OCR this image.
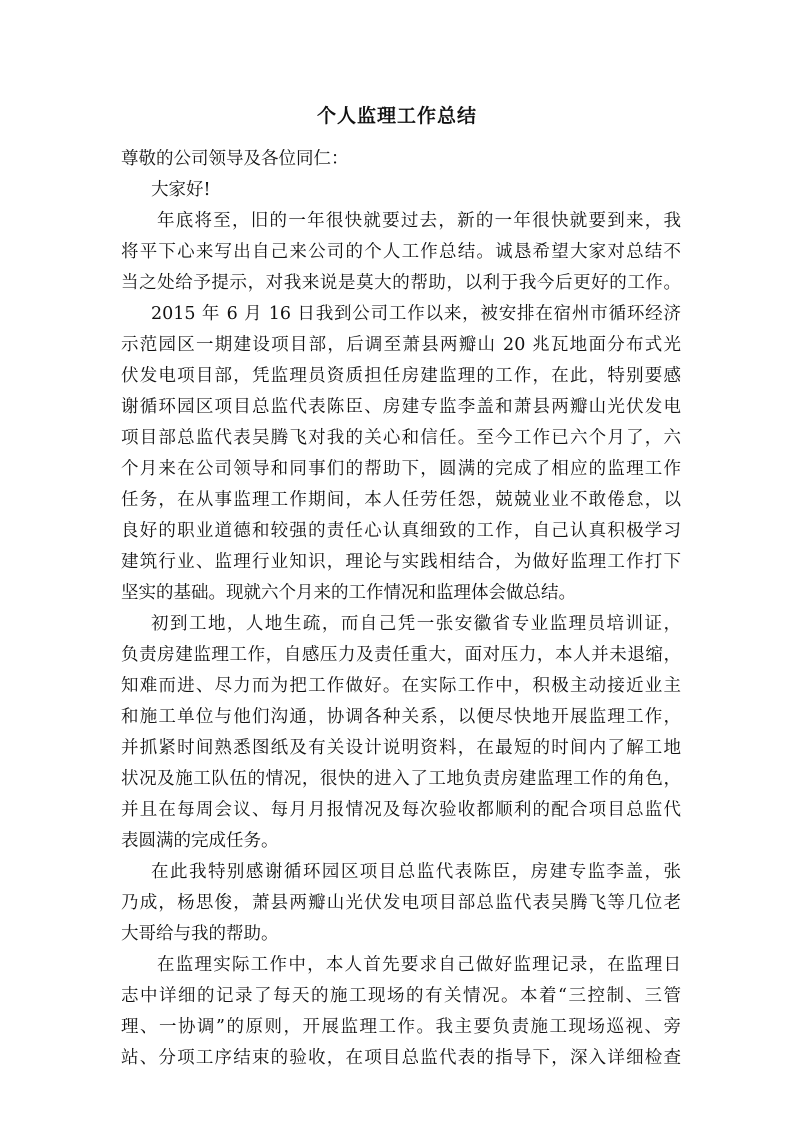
个人监理工作总结
尊敬的公司领导及各位同仁：
大家好!
年底将至，旧的一年很快就要过去，新的一年很快就要到来，我
将平下心来写出自己来公司的个人工作总结。诚恳希望大家对总结不
当之处给予提示，对我来说是莫大的帮助，以利于我今后更好的工作。
2015 年 6 月 16 日我到公司工作以来，被安排在宿州市循环经济
示范园区一期建设项目部，后调至萧县两瓣山 20 兆瓦地面分布式光
伏发电项目部，凭监理员资质担任房建监理的工作，在此，特别要感
谢循环园区项目总监代表陈臣、房建专监李盖和萧县两瓣山光伏发电
项目部总监代表吴腾飞对我的关心和信任。至今工作已六个月了，六
个月来在公司领导和同事们的帮助下，圆满的完成了相应的监理工作
任务，在从事监理工作期间，本人任劳任怨，兢兢业业不敢倦怠，以
良好的职业道德和较强的责任心认真细致的工作，自己认真积极学习
建筑行业、监理行业知识，理论与实践相结合，为做好监理工作打下
坚实的基础。现就六个月来的工作情况和监理体会做总结。
初到工地，人地生疏，而自己凭一张安徽省专业监理员培训证，
负责房建监理工作，自感压力及责任重大，面对压力，本人并未退缩，
知难而进、尽力而为把工作做好。在实际工作中，积极主动接近业主
和施工单位与他们沟通，协调各种关系，以便尽快地开展监理工作，
并抓紧时间熟悉图纸及有关设计说明资料，在最短的时间内了解工地
状况及施工队伍的情况，很快的进入了工地负责房建监理工作的角色，
并且在每周会议、每月月报情况及每次验收都顺利的配合项目总监代
表圆满的完成任务。
在此我特别感谢循环园区项目总监代表陈臣，房建专监李盖，张
乃成，杨思俊，萧县两瓣山光伏发电项目部总监代表吴腾飞等几位老
大哥给与我的帮助。
在监理实际工作中，本人首先要求自己做好监理记录，在监理日
志中详细的记录了每天的施工现场的有关情况。本着“三控制、三管
理、一协调”的原则，开展监理工作。我主要负责施工现场巡视、旁
站、分项工序结束的验收，在项目总监代表的指导下，深入详细检查
